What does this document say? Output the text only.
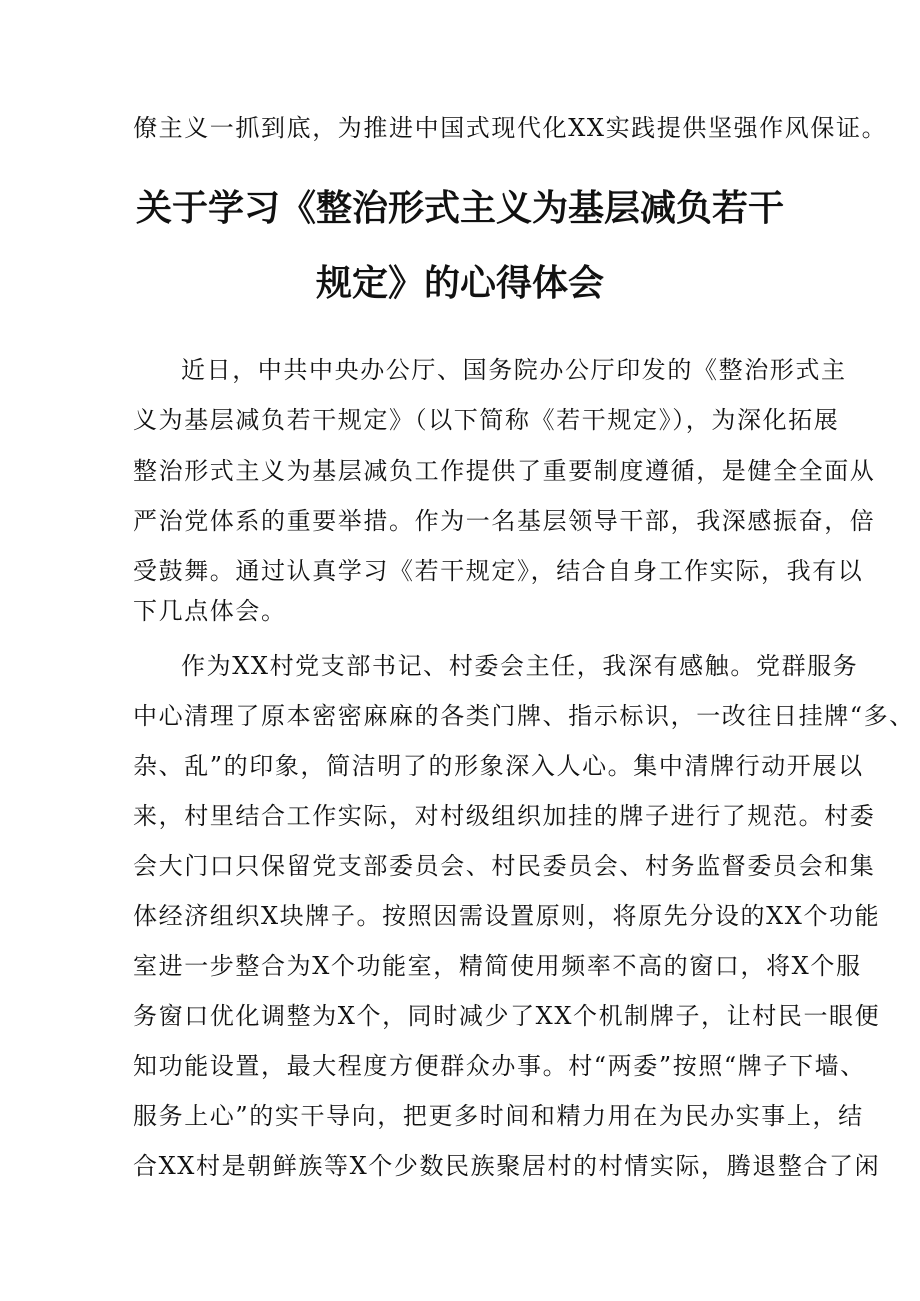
僚主义一抓到底，为推进中国式现代化XX实践提供坚强作风保证。

关于学习《整治形式主义为基层减负若干
规定》的心得体会

近日，中共中央办公厅、国务院办公厅印发的《整治形式主

义为基层减负若干规定》（以下简称《若干规定》），为深化拓展

整治形式主义为基层减负工作提供了重要制度遵循，是健全全面从

严治党体系的重要举措。作为一名基层领导干部，我深感振奋，倍

受鼓舞。通过认真学习《若干规定》，结合自身工作实际，我有以

下几点体会。

作为XX村党支部书记、村委会主任，我深有感触。党群服务

中心清理了原本密密麻麻的各类门牌、指示标识，一改往日挂牌“多、

杂、乱”的印象，简洁明了的形象深入人心。集中清牌行动开展以

来，村里结合工作实际，对村级组织加挂的牌子进行了规范。村委

会大门口只保留党支部委员会、村民委员会、村务监督委员会和集

体经济组织X块牌子。按照因需设置原则，将原先分设的XX个功能

室进一步整合为X个功能室，精简使用频率不高的窗口，将X个服

务窗口优化调整为X个，同时减少了XX个机制牌子，让村民一眼便

知功能设置，最大程度方便群众办事。村“两委”按照“牌子下墙、

服务上心”的实干导向，把更多时间和精力用在为民办实事上，结

合XX村是朝鲜族等X个少数民族聚居村的村情实际，腾退整合了闲
